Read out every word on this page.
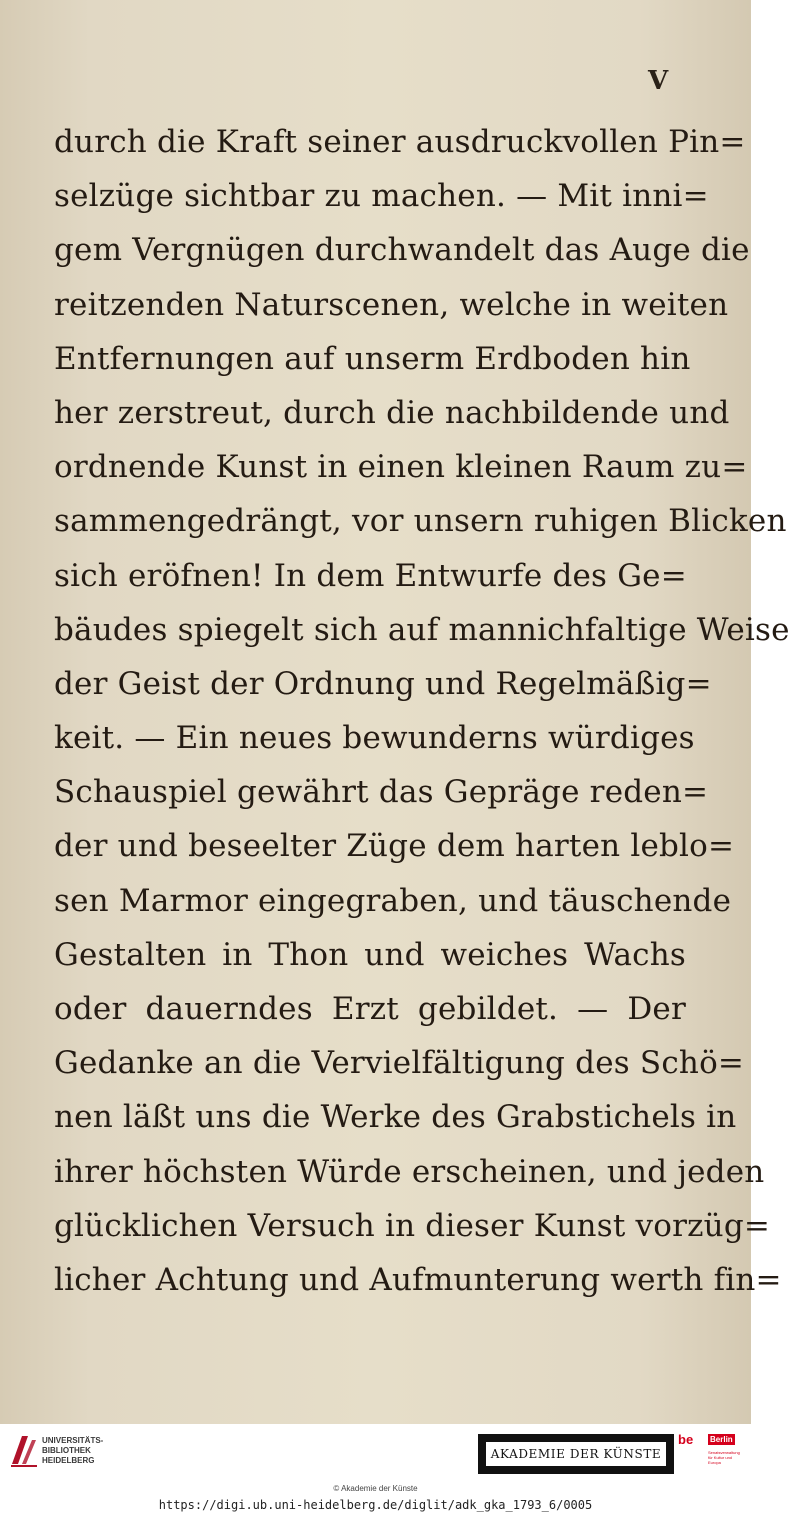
V
durch die Kraft seiner ausdruckvollen Pin=
selzüge sichtbar zu machen. — Mit inni=
gem Vergnügen durchwandelt das Auge die
reitzenden Naturscenen, welche in weiten
Entfernungen auf unserm Erdboden hin
her zerstreut, durch die nachbildende und
ordnende Kunst in einen kleinen Raum zu=
sammengedrängt, vor unsern ruhigen Blicken
sich eröfnen! In dem Entwurfe des Ge=
bäudes spiegelt sich auf mannichfaltige Weise
der Geist der Ordnung und Regelmäßig=
keit. — Ein neues bewunderns würdiges
Schauspiel gewährt das Gepräge reden=
der und beseelter Züge dem harten leblo=
sen Marmor eingegraben, und täuschende
Gestalten in Thon und weiches Wachs
oder dauerndes Erzt gebildet. — Der
Gedanke an die Vervielfältigung des Schö=
nen läßt uns die Werke des Grabstichels in
ihrer höchsten Würde erscheinen, und jeden
glücklichen Versuch in dieser Kunst vorzüg=
licher Achtung und Aufmunterung werth fin=
UNIVERSITÄTS-
BIBLIOTHEK
HEIDELBERG	AKADEMIE DER KÜNSTE
be Berlin
Senatsverwaltung für Kultur und Europa
© Akademie der Künste
https://digi.ub.uni-heidelberg.de/diglit/adk_gka_1793_6/0005
